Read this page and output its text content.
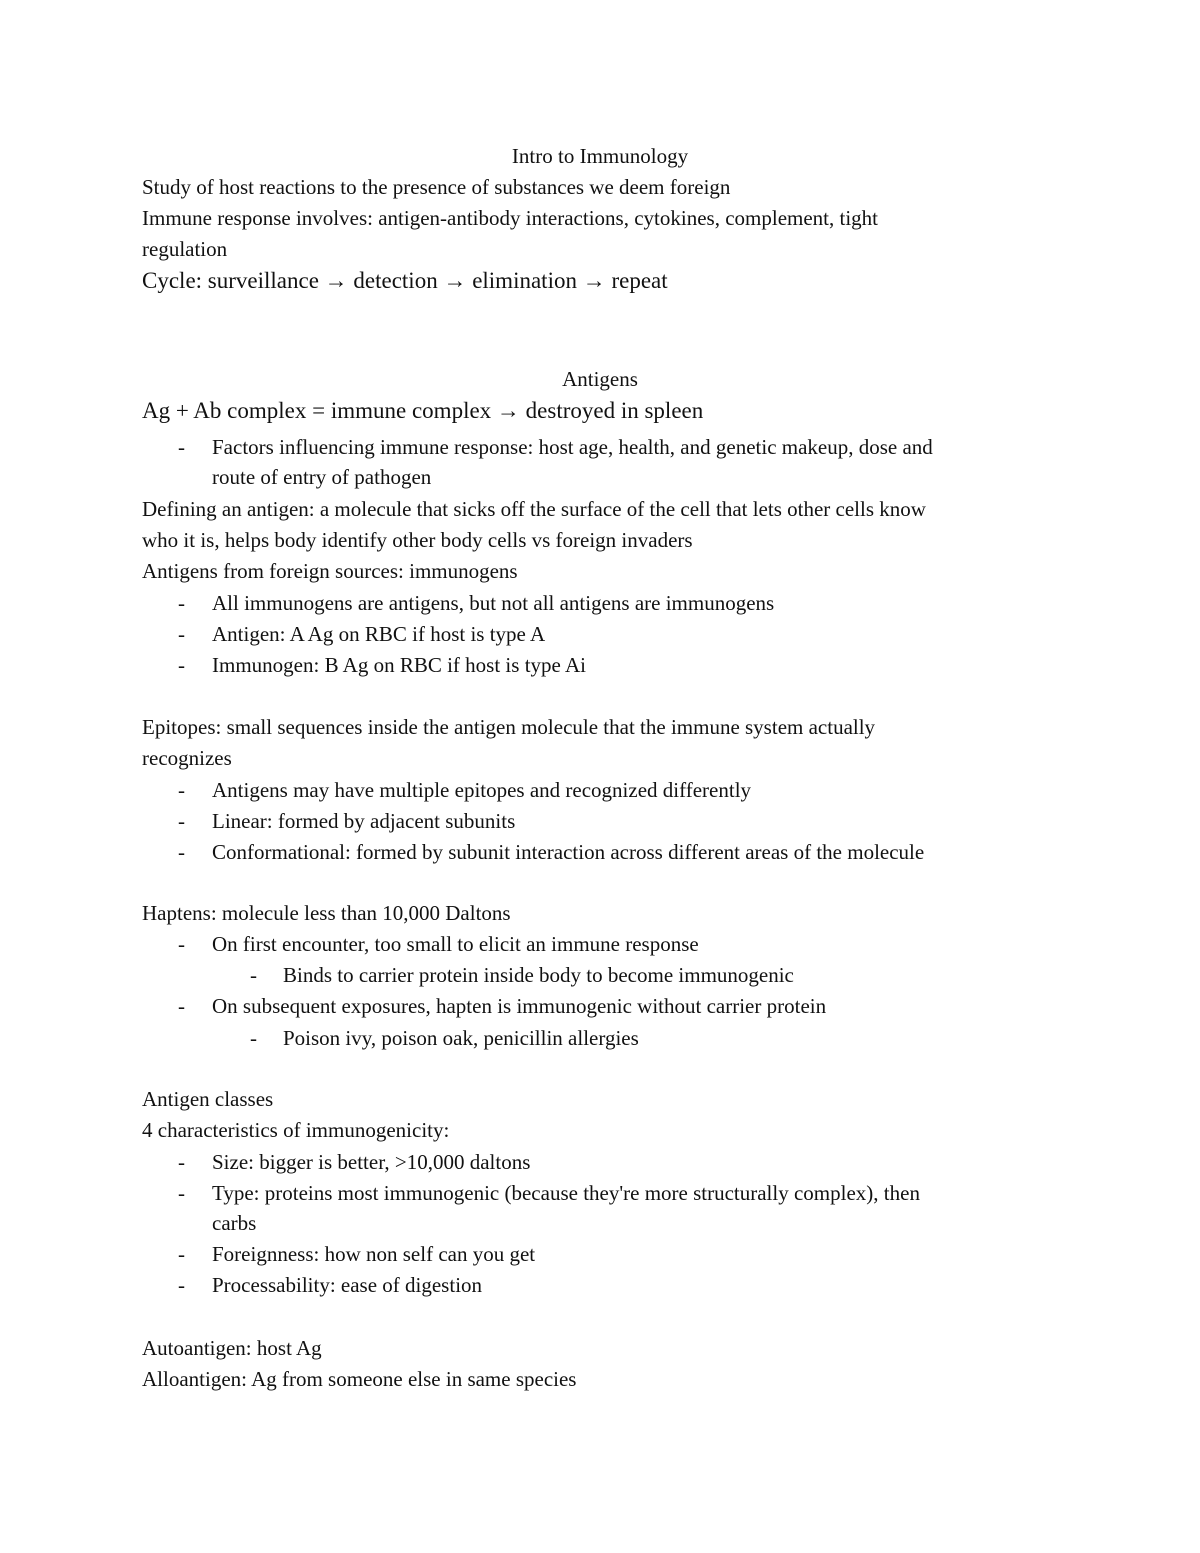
Intro to Immunology
Study of host reactions to the presence of substances we deem foreign
Immune response involves: antigen-antibody interactions, cytokines, complement, tight
regulation
Cycle: surveillance → detection → elimination → repeat
Antigens
Ag + Ab complex = immune complex → destroyed in spleen
- Factors influencing immune response: host age, health, and genetic makeup, dose and
route of entry of pathogen
Defining an antigen: a molecule that sicks off the surface of the cell that lets other cells know
who it is, helps body identify other body cells vs foreign invaders
Antigens from foreign sources: immunogens
- All immunogens are antigens, but not all antigens are immunogens
- Antigen: A Ag on RBC if host is type A
- Immunogen: B Ag on RBC if host is type Ai
Epitopes: small sequences inside the antigen molecule that the immune system actually
recognizes
- Antigens may have multiple epitopes and recognized differently
- Linear: formed by adjacent subunits
- Conformational: formed by subunit interaction across different areas of the molecule
Haptens: molecule less than 10,000 Daltons
- On first encounter, too small to elicit an immune response
- Binds to carrier protein inside body to become immunogenic
- On subsequent exposures, hapten is immunogenic without carrier protein
- Poison ivy, poison oak, penicillin allergies
Antigen classes
4 characteristics of immunogenicity:
- Size: bigger is better, >10,000 daltons
- Type: proteins most immunogenic (because they're more structurally complex), then
carbs
- Foreignness: how non self can you get
- Processability: ease of digestion
Autoantigen: host Ag
Alloantigen: Ag from someone else in same species
